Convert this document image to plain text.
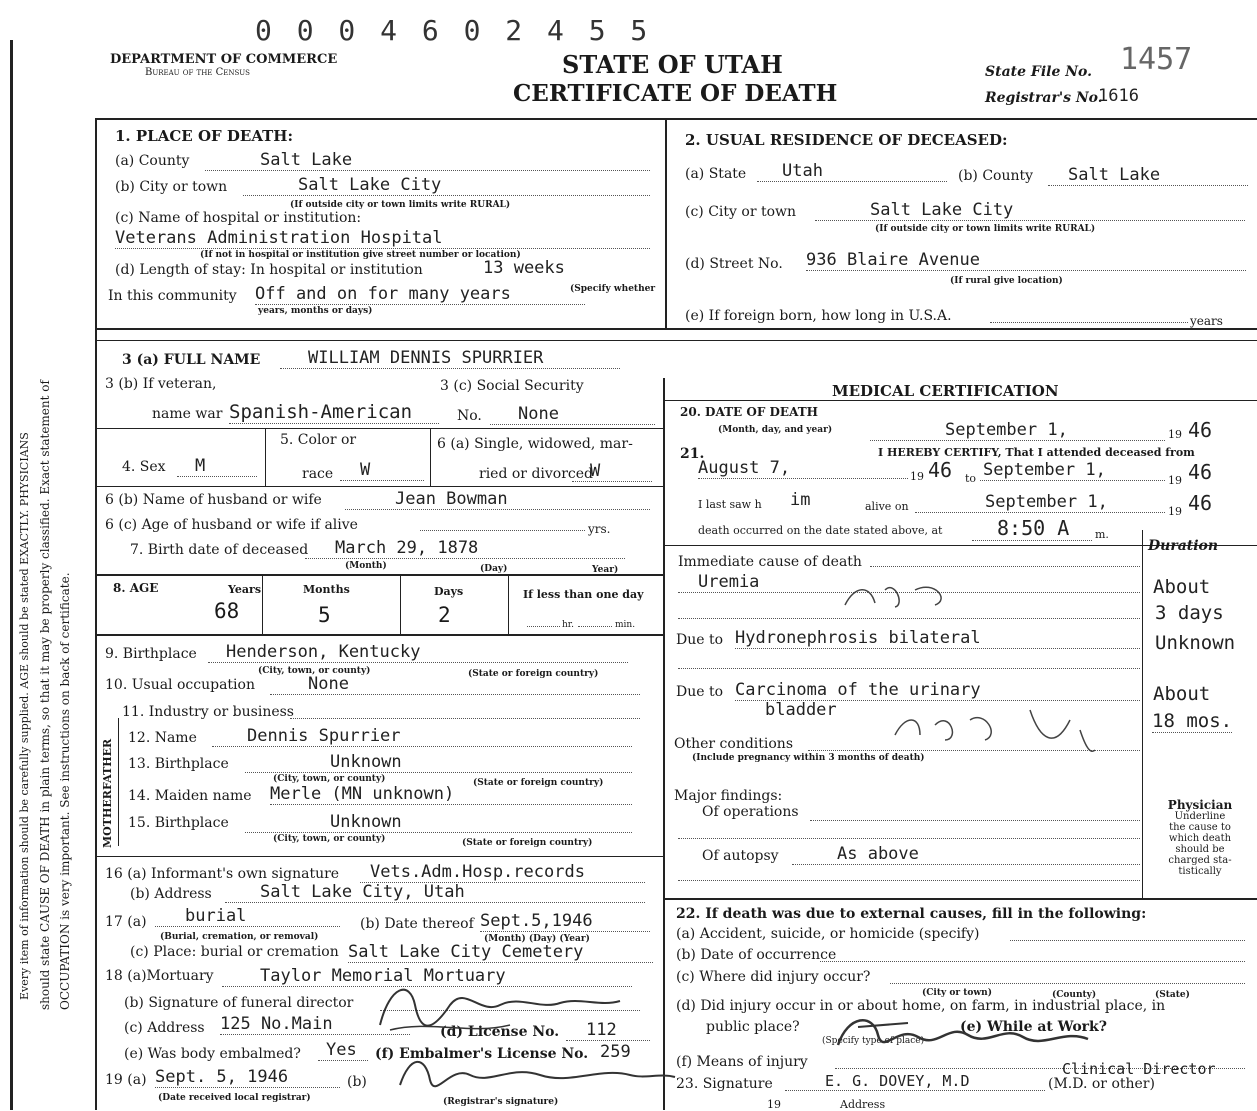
0 0 0 4 6 0 2 4 5 5
DEPARTMENT OF COMMERCE
Bureau of the Census	STATE OF UTAH
CERTIFICATE OF DEATH
State File No. 1457
Registrar's No.
1616
Every item of information should be carefully supplied. AGE should be stated EXACTLY. PHYSICIANS should state CAUSE OF DEATH in plain terms, so that it may be properly classified. Exact statement of OCCUPATION is very important. See instructions on back of certificate.
1. PLACE OF DEATH:
(a) County	Salt Lake
(b) City or town	Salt Lake City
(If outside city or town limits write RURAL)
(c) Name of hospital or institution:
Veterans Administration Hospital
(If not in hospital or institution give street number or location)
(d) Length of stay: In hospital or institution	13 weeks
In this community Off and on for many years	(Specify whether
years, months or days)
2. USUAL RESIDENCE OF DECEASED:
(a) State	Utah	(b) County	Salt Lake
(c) City or town	Salt Lake City
(If outside city or town limits write RURAL)
(d) Street No. 936 Blaire Avenue
(If rural give location)
(e) If foreign born, how long in U.S.A.	years
3 (a) FULL NAME	WILLIAM DENNIS SPURRIER
3 (b) If veteran,
name war Spanish-American
3 (c) Social Security
No.	None
4. Sex	M
5. Color or
race	W
6 (a) Single, widowed, mar-
ried or divorced
W
6 (b) Name of husband or wife	Jean Bowman
6 (c) Age of husband or wife if alive	yrs.
7. Birth date of deceased	March 29, 1878
(Month)	(Day)	Year)
8. AGE	Years	Months	Days	If less than one day
68	5	2	hr.	min.
9. Birthplace	Henderson, Kentucky
(City, town, or county)	(State or foreign country)
10. Usual occupation	None
11. Industry or business
FATHER
MOTHER
12. Name	Dennis Spurrier
13. Birthplace	Unknown
(City, town, or county)	(State or foreign country)
14. Maiden name Merle (MN unknown)
15. Birthplace	Unknown
(City, town, or county)	(State or foreign country)
16 (a) Informant's own signature	Vets.Adm.Hosp.records
(b) Address	Salt Lake City, Utah
17 (a)	burial
(Burial, cremation, or removal)
(b) Date thereof Sept.5,1946
(Month) (Day) (Year)
(c) Place: burial or cremation Salt Lake City Cemetery
18 (a)Mortuary	Taylor Memorial Mortuary
(b) Signature of funeral director
(c) Address 125 No.Main	(d) License No.	112
(e) Was body embalmed?	Yes	(f) Embalmer's License No. 259
19 (a) Sept. 5, 1946	(b)
(Date received local registrar)	(Registrar's signature)
MEDICAL CERTIFICATION
20. DATE OF DEATH
(Month, day, and year)	September 1,	19 46
21.	I HEREBY CERTIFY, That I attended deceased from
August 7,	19 46 to September 1,
19 46
I last saw h im	alive on	September 1,	19 46
death occurred on the date stated above, at	8:50 A	m.
Duration
Immediate cause of death
Uremia	About
3 days
Due to Hydronephrosis bilateral	Unknown
Due to Carcinoma of the urinary
bladder
About
18 mos.
Other conditions
(Include pregnancy within 3 months of death)
Major findings:
Of operations
Of autopsy	As above
Physician
Underline
the cause to
which death
should be
charged sta-
tistically
22. If death was due to external causes, fill in the following:
(a) Accident, suicide, or homicide (specify)
(b) Date of occurrence
(c) Where did injury occur?
(City or town)	(County)	(State)
(d) Did injury occur in or about home, on farm, in industrial place, in
public place?	(e) While at Work?
(Specify type of place)
(f) Means of injury
23. Signature	E. G. DOVEY, M.D	(M.D. or other)
Clinical Director
19	Address
